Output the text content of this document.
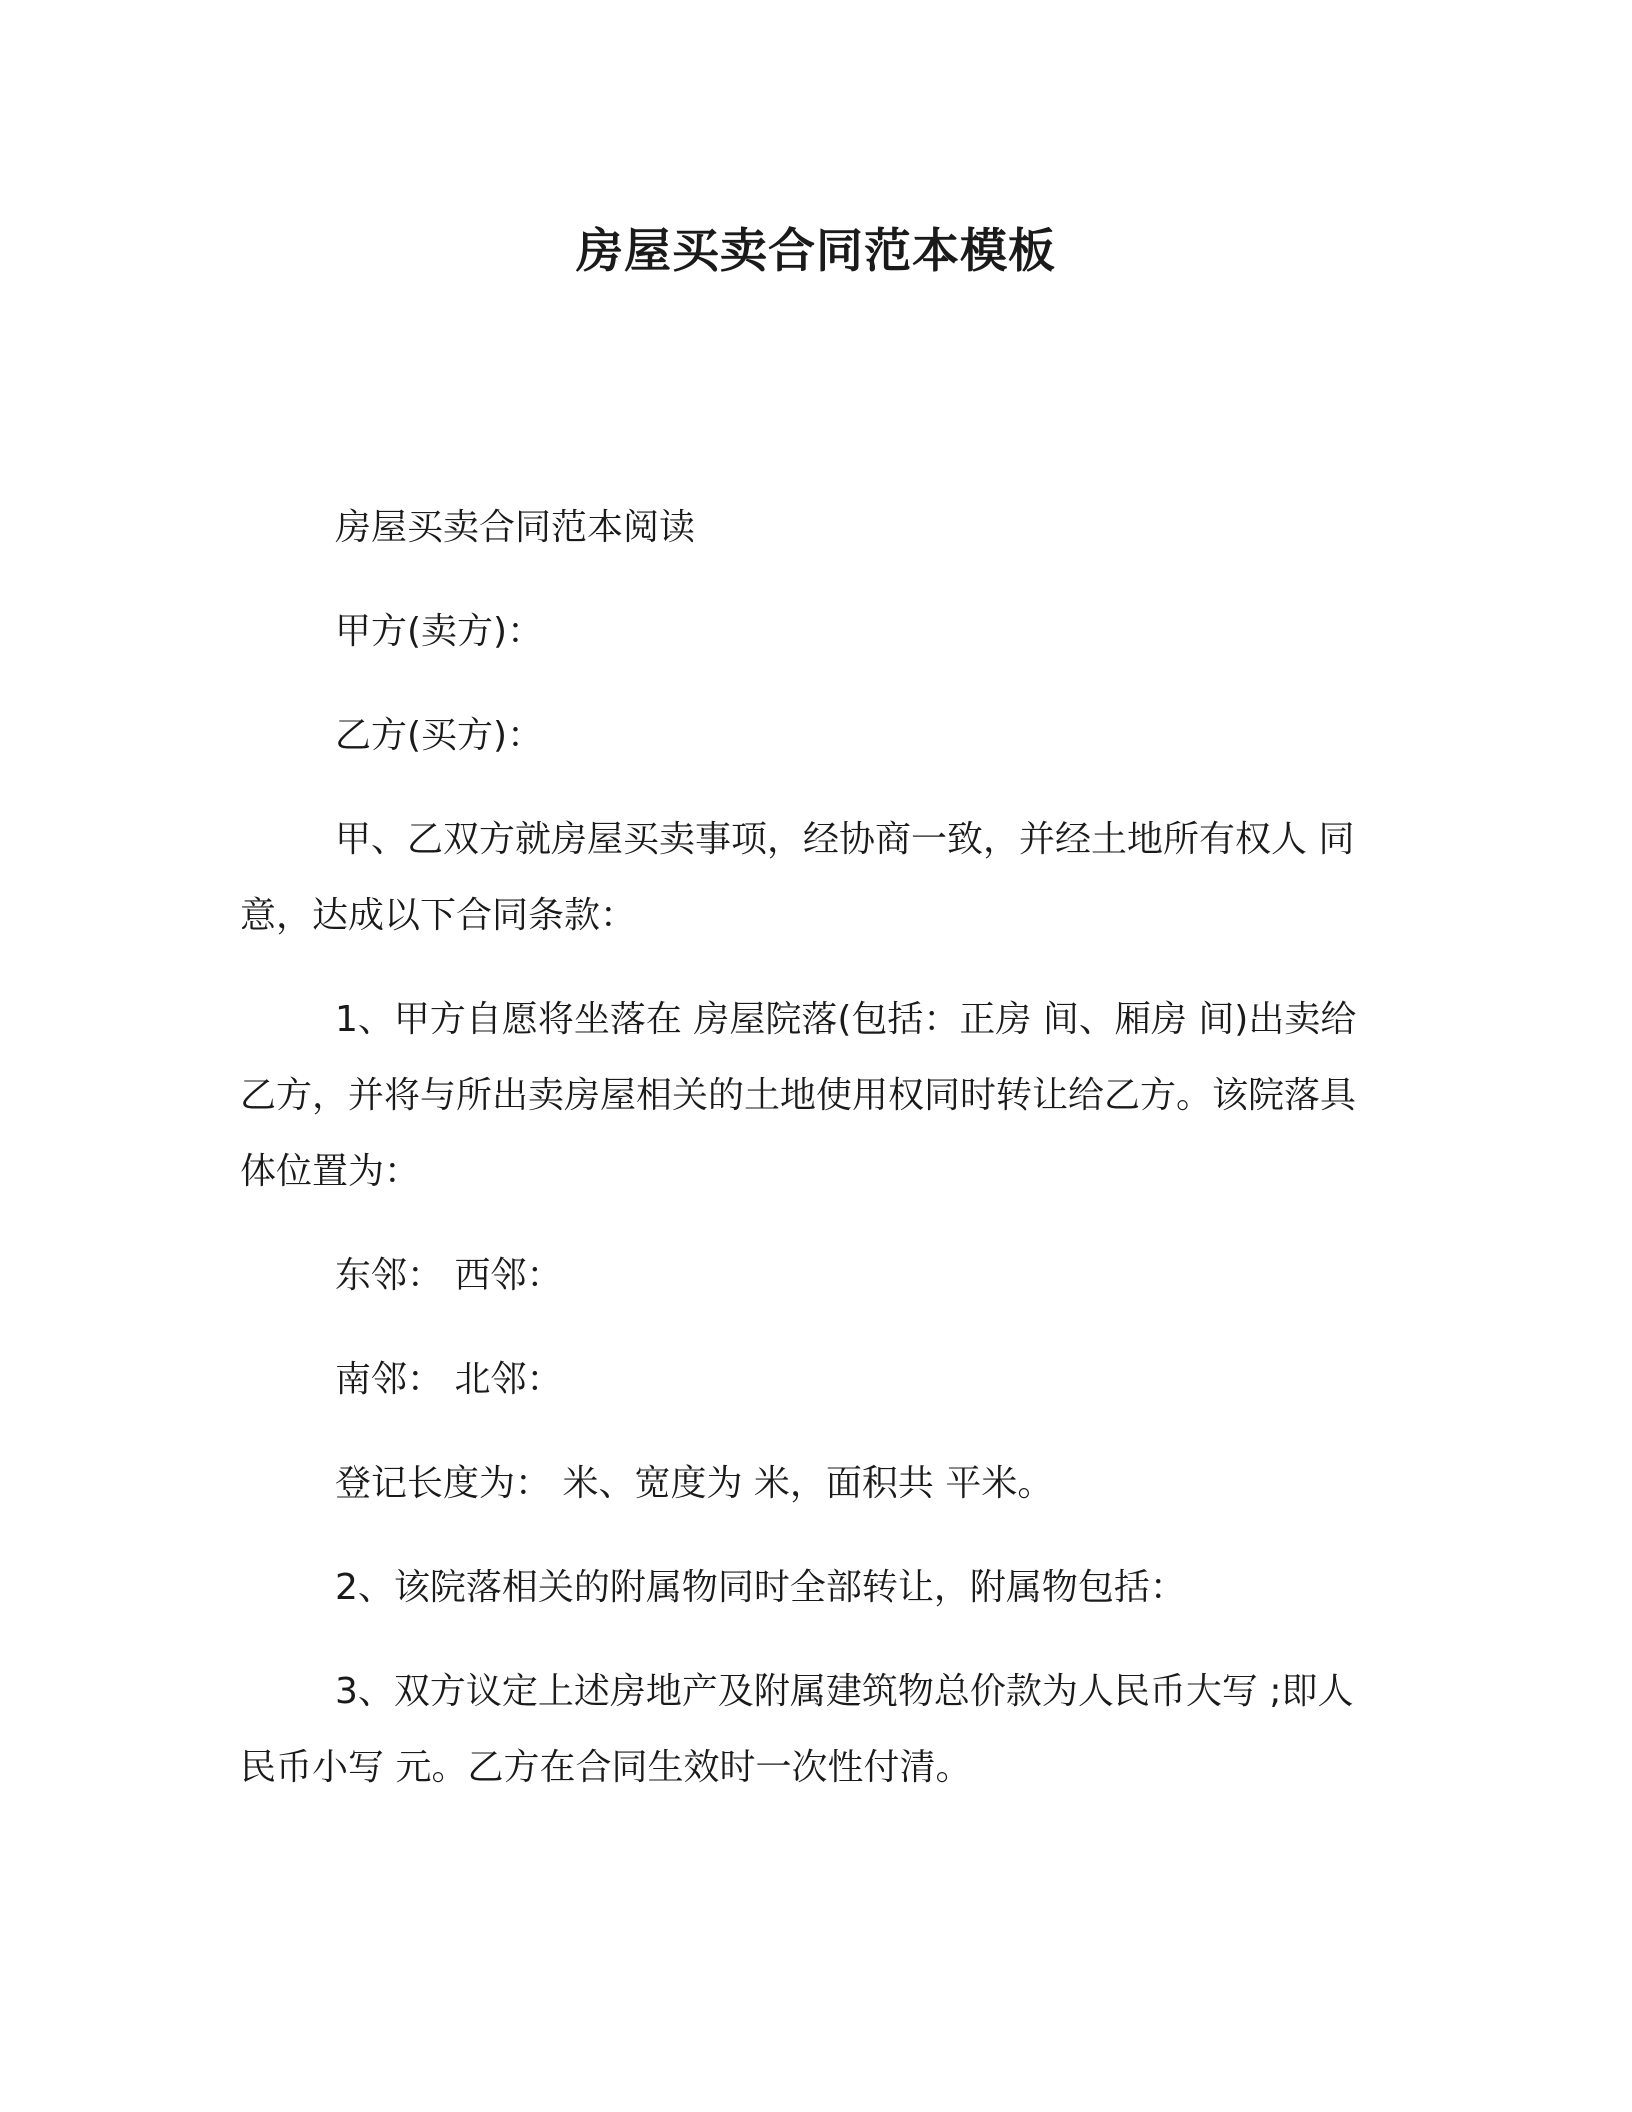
房屋买卖合同范本模板

房屋买卖合同范本阅读

甲方(卖方)：

乙方(买方)：

甲、乙双方就房屋买卖事项，经协商一致，并经土地所有权人 同意，达成以下合同条款：

1、甲方自愿将坐落在 房屋院落(包括：正房 间、厢房 间)出卖给乙方，并将与所出卖房屋相关的土地使用权同时转让给乙方。该院落具体位置为：

东邻： 西邻：

南邻： 北邻：

登记长度为： 米、宽度为 米，面积共 平米。

2、该院落相关的附属物同时全部转让，附属物包括：

3、双方议定上述房地产及附属建筑物总价款为人民币大写 ;即人民币小写 元。乙方在合同生效时一次性付清。
